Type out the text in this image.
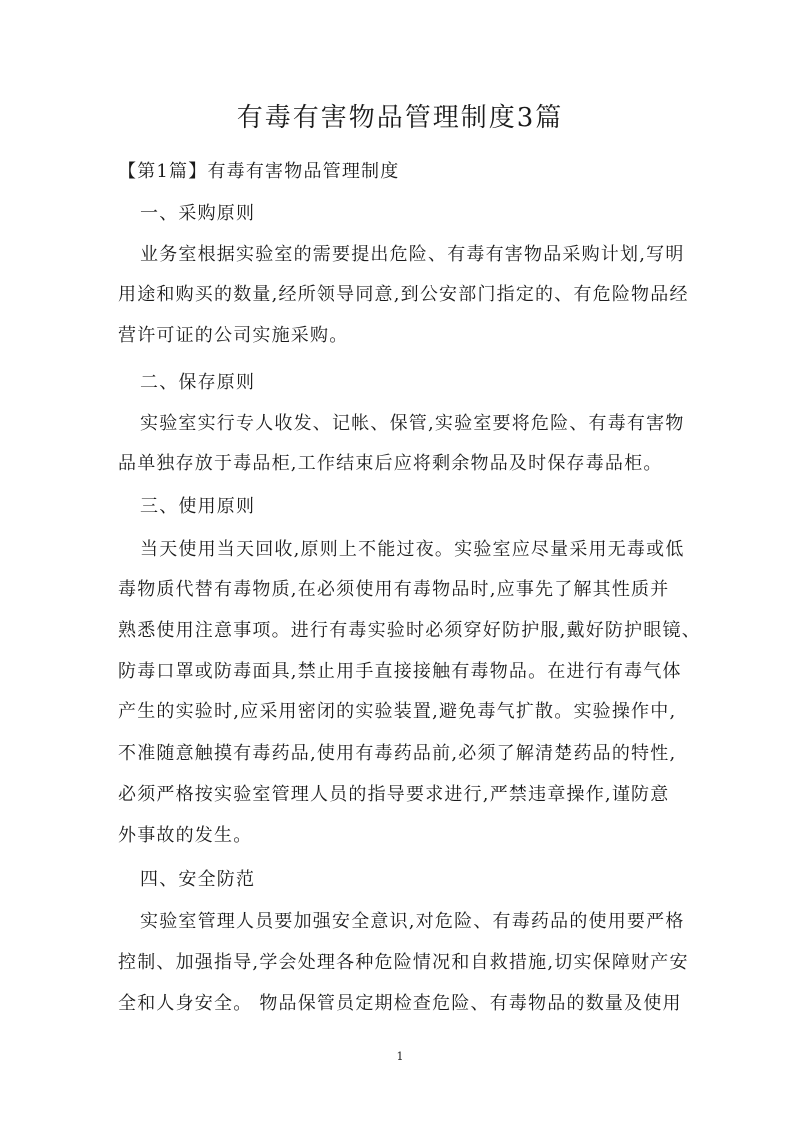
有毒有害物品管理制度3篇
【第1篇】有毒有害物品管理制度
一、采购原则
业务室根据实验室的需要提出危险、有毒有害物品采购计划,写明
用途和购买的数量,经所领导同意,到公安部门指定的、有危险物品经
营许可证的公司实施采购。
二、保存原则
实验室实行专人收发、记帐、保管,实验室要将危险、有毒有害物
品单独存放于毒品柜,工作结束后应将剩余物品及时保存毒品柜。
三、使用原则
当天使用当天回收,原则上不能过夜。实验室应尽量采用无毒或低
毒物质代替有毒物质,在必须使用有毒物品时,应事先了解其性质并
熟悉使用注意事项。进行有毒实验时必须穿好防护服,戴好防护眼镜、
防毒口罩或防毒面具,禁止用手直接接触有毒物品。在进行有毒气体
产生的实验时,应采用密闭的实验装置,避免毒气扩散。实验操作中,
不准随意触摸有毒药品,使用有毒药品前,必须了解清楚药品的特性,
必须严格按实验室管理人员的指导要求进行,严禁违章操作,谨防意
外事故的发生。
四、安全防范
实验室管理人员要加强安全意识,对危险、有毒药品的使用要严格
控制、加强指导,学会处理各种危险情况和自救措施,切实保障财产安
全和人身安全。 物品保管员定期检查危险、有毒物品的数量及使用
1
